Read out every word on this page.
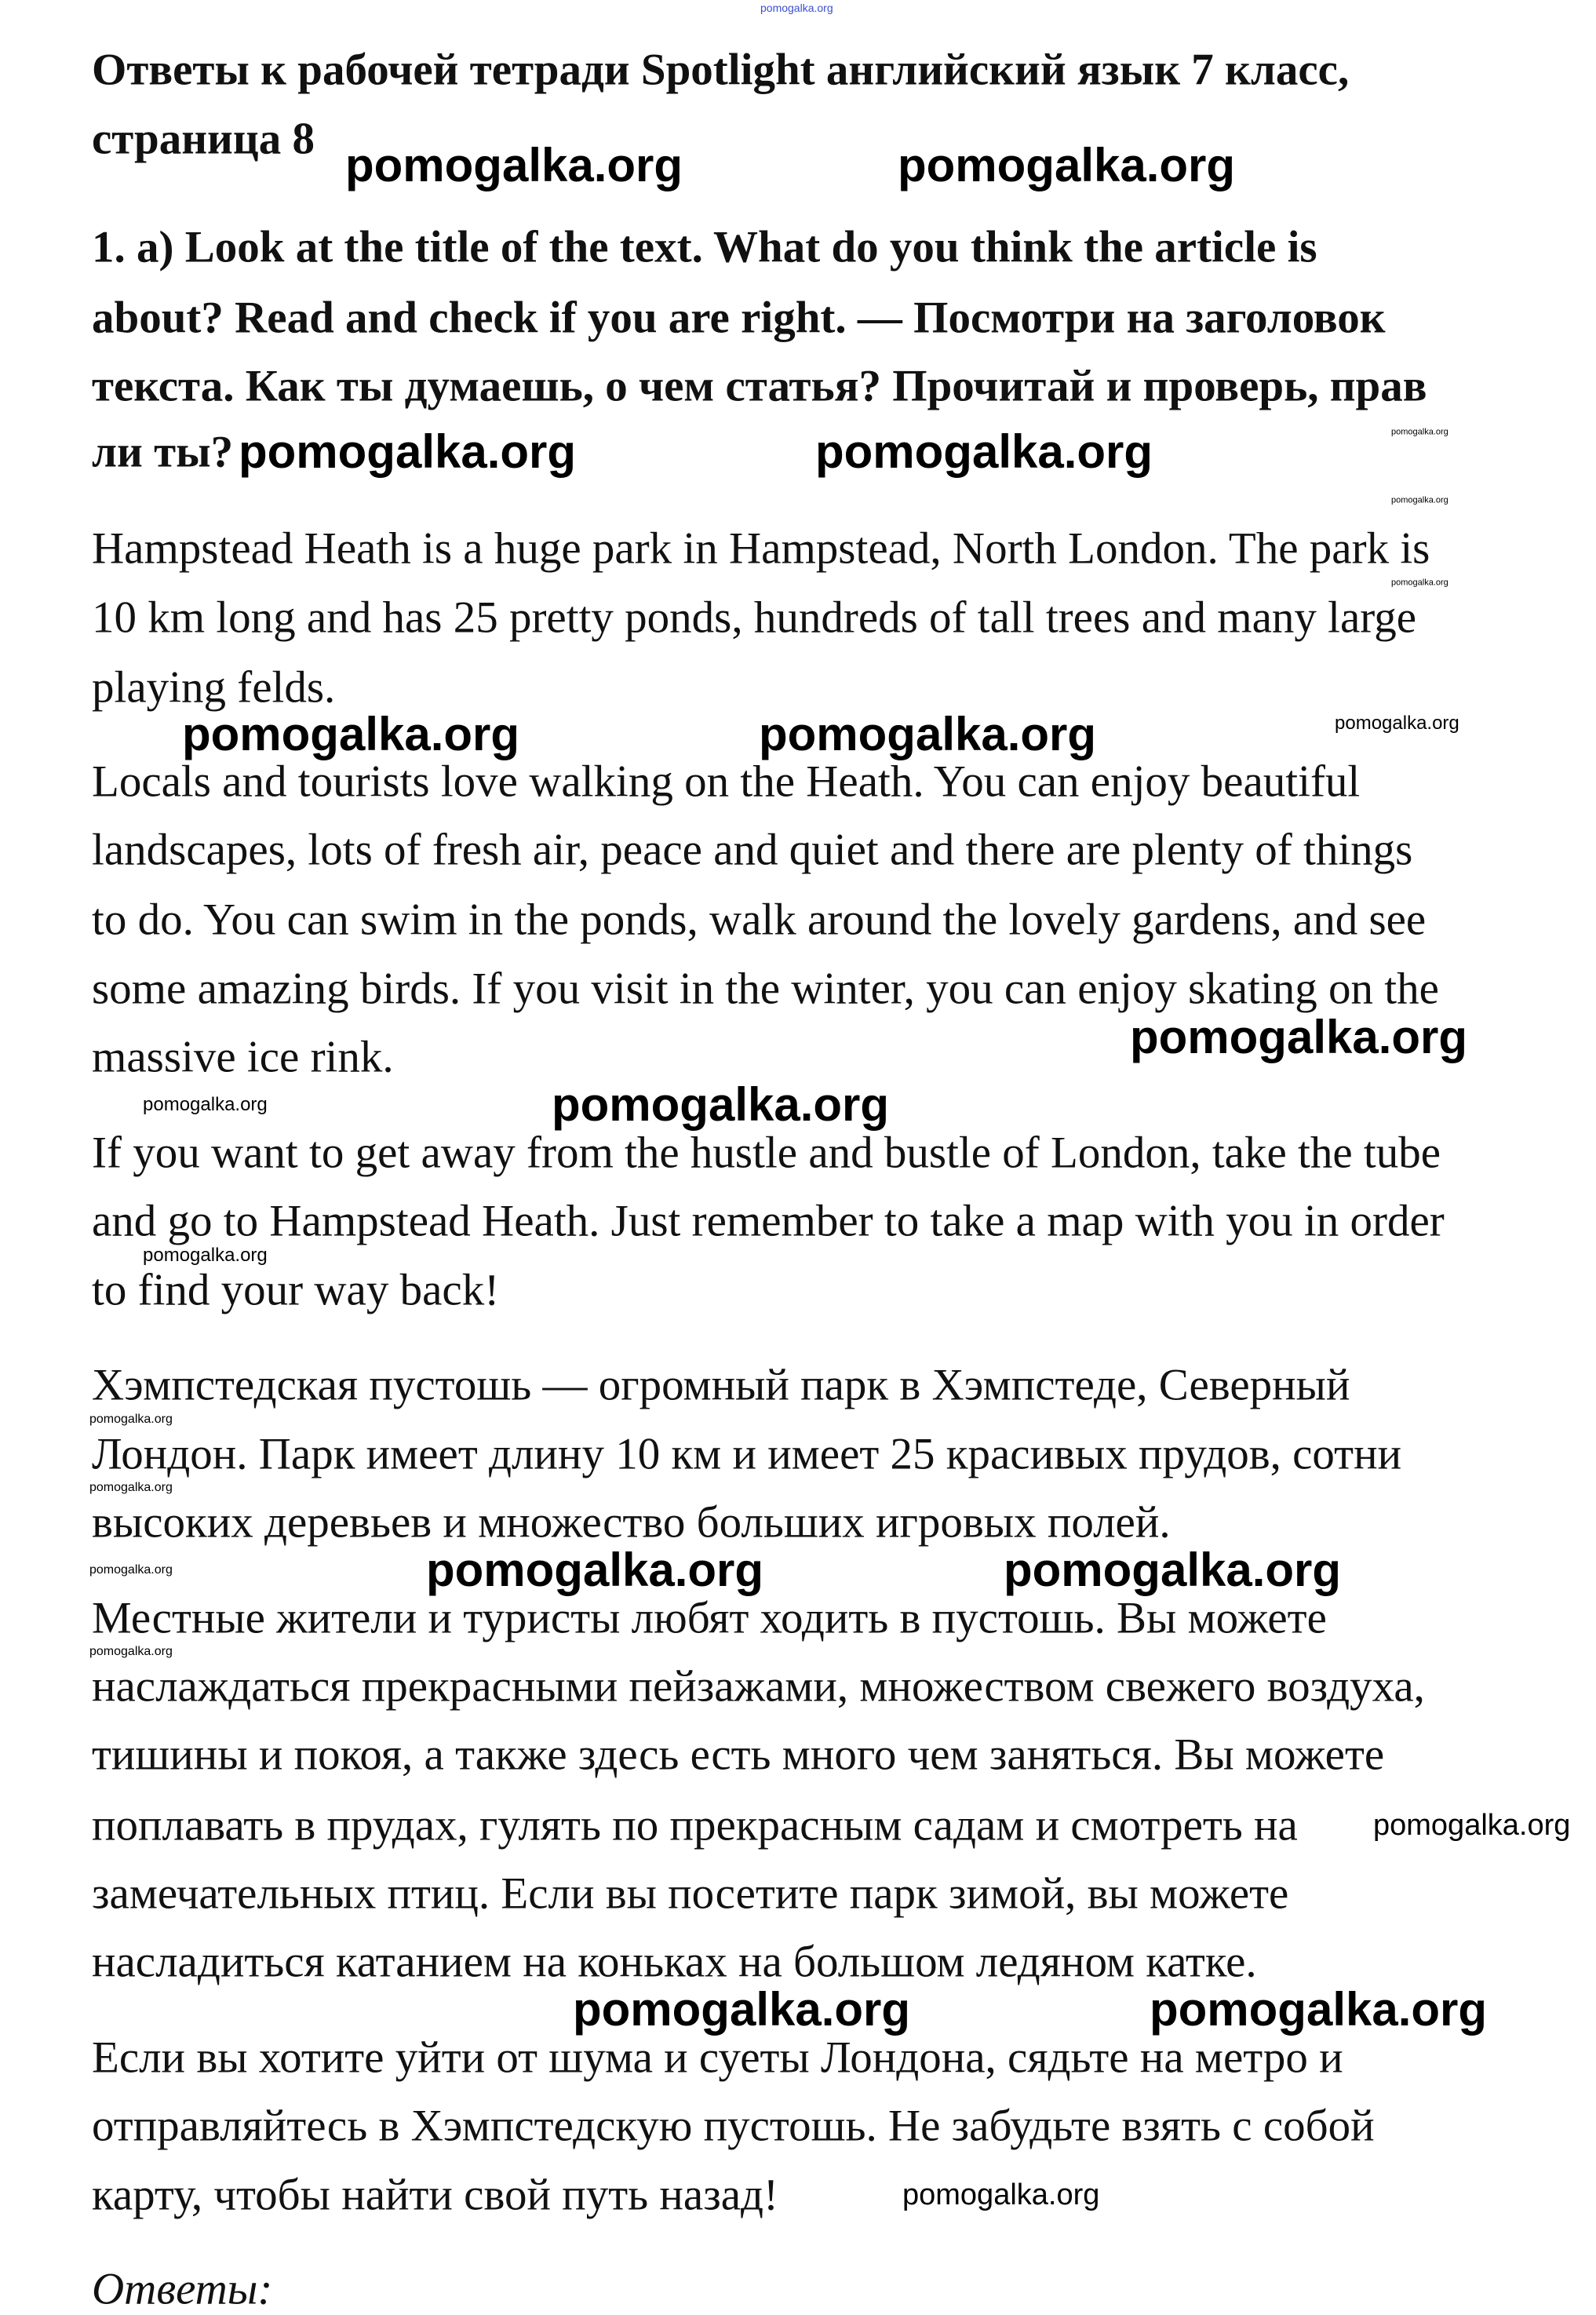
Ответы к рабочей тетради Spotlight английский язык 7 класс,
страница 8
1. a) Look at the title of the text. What do you think the article is
about? Read and check if you are right. — Посмотри на заголовок
текста. Как ты думаешь, о чем статья? Прочитай и проверь, прав
ли ты?
Hampstead Heath is a huge park in Hampstead, North London. The park is
10 km long and has 25 pretty ponds, hundreds of tall trees and many large
playing felds.
Locals and tourists love walking on the Heath. You can enjoy beautiful
landscapes, lots of fresh air, peace and quiet and there are plenty of things
to do. You can swim in the ponds, walk around the lovely gardens, and see
some amazing birds. If you visit in the winter, you can enjoy skating on the
massive ice rink.
If you want to get away from the hustle and bustle of London, take the tube
and go to Hampstead Heath. Just remember to take a map with you in order
to find your way back!
Хэмпстедская пустошь — огромный парк в Хэмпстеде, Северный
Лондон. Парк имеет длину 10 км и имеет 25 красивых прудов, сотни
высоких деревьев и множество больших игровых полей.
Местные жители и туристы любят ходить в пустошь. Вы можете
наслаждаться прекрасными пейзажами, множеством свежего воздуха,
тишины и покоя, а также здесь есть много чем заняться. Вы можете
поплавать в прудах, гулять по прекрасным садам и смотреть на
замечательных птиц. Если вы посетите парк зимой, вы можете
насладиться катанием на коньках на большом ледяном катке.
Если вы хотите уйти от шума и суеты Лондона, сядьте на метро и
отправляйтесь в Хэмпстедскую пустошь. Не забудьте взять с собой
карту, чтобы найти свой путь назад!
Ответы:
pomogalka.org
pomogalka.org	pomogalka.org
pomogalka.org	pomogalka.org
pomogalka.org	pomogalka.org
pomogalka.org
pomogalka.org
pomogalka.org	pomogalka.org
pomogalka.org	pomogalka.org
pomogalka.org
pomogalka.org
pomogalka.org
pomogalka.org
pomogalka.org
pomogalka.org
pomogalka.org
pomogalka.org
pomogalka.org
pomogalka.org
pomogalka.org
pomogalka.org
